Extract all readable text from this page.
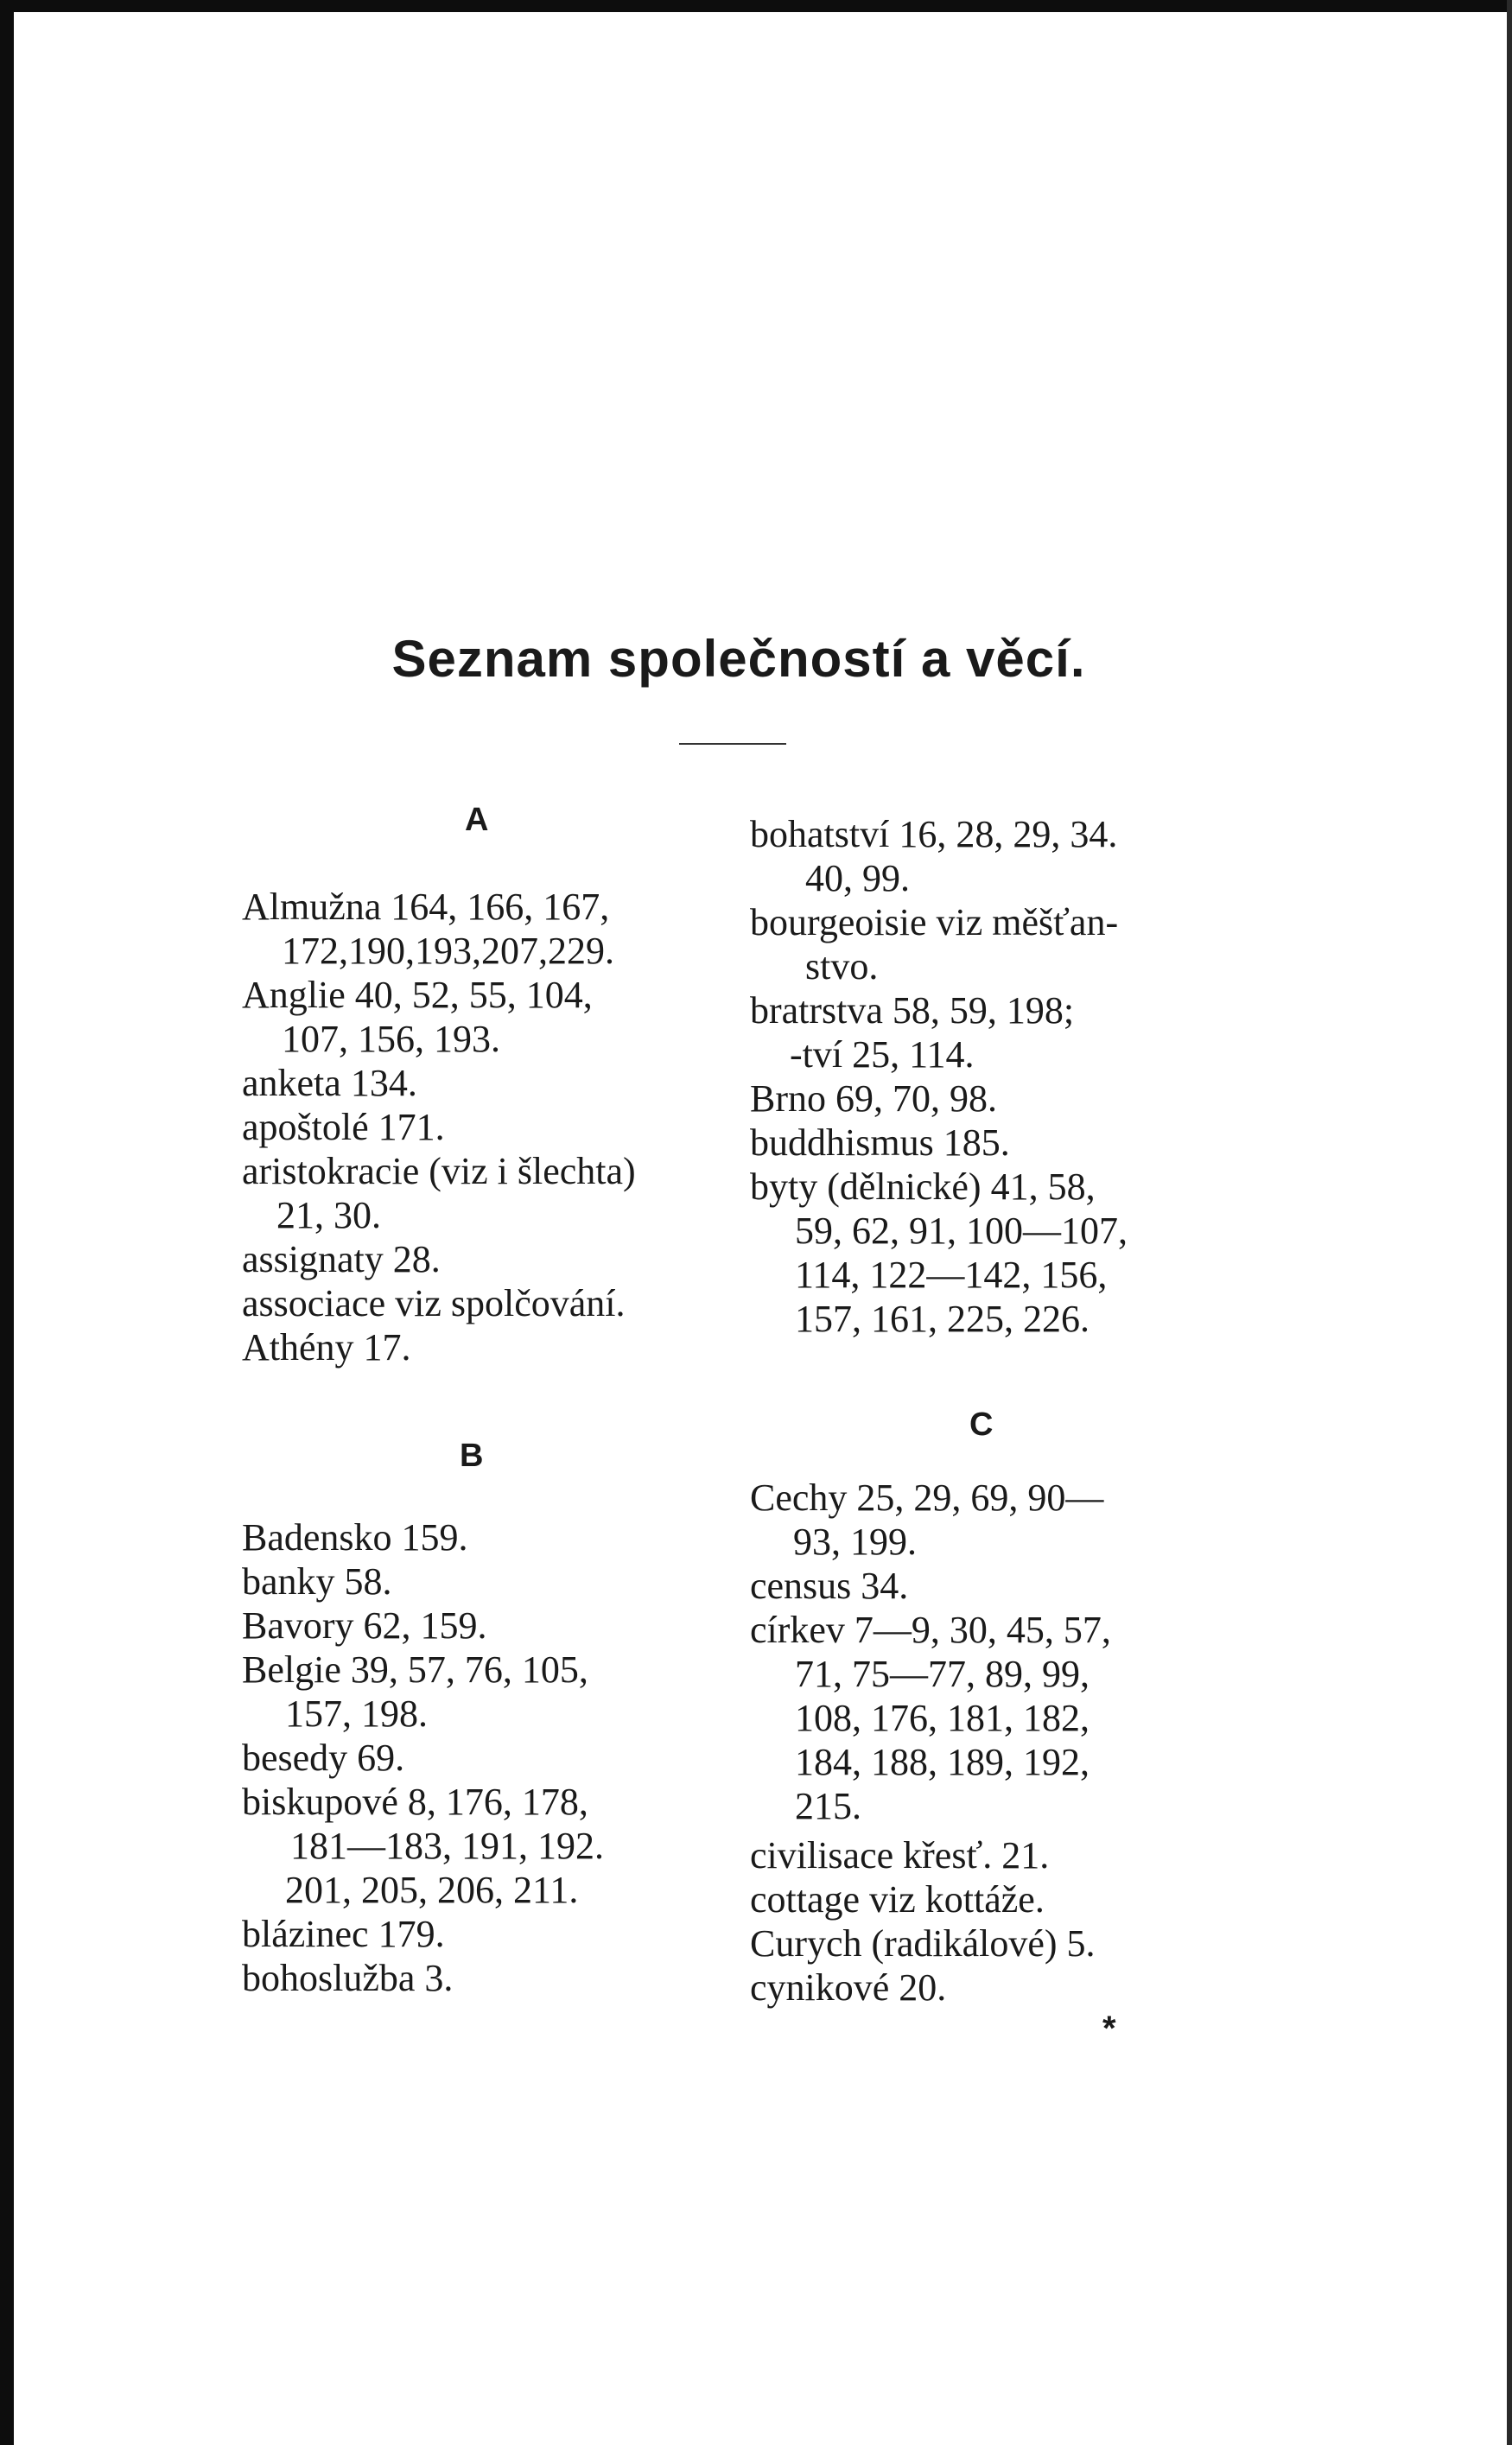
Seznam společností a věcí.
A
Almužna 164, 166, 167,
172,190,193,207,229.
Anglie 40, 52, 55, 104,
107, 156, 193.
anketa 134.
apoštolé 171.
aristokracie (viz i šlechta)
21, 30.
assignaty 28.
associace viz spolčování.
Athény 17.
B
Badensko 159.
banky 58.
Bavory 62, 159.
Belgie 39, 57, 76, 105,
157, 198.
besedy 69.
biskupové 8, 176, 178,
181—183, 191, 192.
201, 205, 206, 211.
blázinec 179.
bohoslužba 3.
bohatství 16, 28, 29, 34.
40, 99.
bourgeoisie viz měšťan-
stvo.
bratrstva 58, 59, 198;
-tví 25, 114.
Brno 69, 70, 98.
buddhismus 185.
byty (dělnické) 41, 58,
59, 62, 91, 100—107,
114, 122—142, 156,
157, 161, 225, 226.
C
Cechy 25, 29, 69, 90—
93, 199.
census 34.
církev 7—9, 30, 45, 57,
71, 75—77, 89, 99,
108, 176, 181, 182,
184, 188, 189, 192,
215.
civilisace křesť. 21.
cottage viz kottáže.
Curych (radikálové) 5.
cynikové 20.
*
